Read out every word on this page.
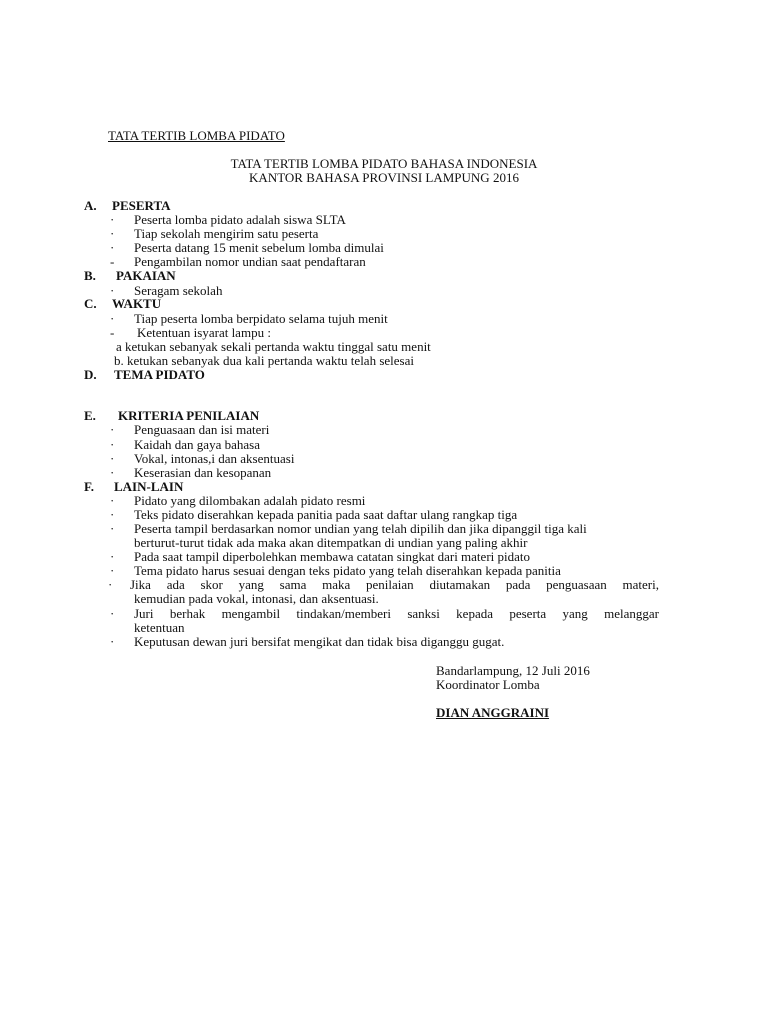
TATA TERTIB LOMBA PIDATO
TATA TERTIB LOMBA PIDATO BAHASA INDONESIA
KANTOR BAHASA PROVINSI LAMPUNG 2016
A. PESERTA
· Peserta lomba pidato adalah siswa SLTA
· Tiap sekolah mengirim satu peserta
· Peserta datang 15 menit sebelum lomba dimulai
- Pengambilan nomor undian saat pendaftaran
B. PAKAIAN
· Seragam sekolah
C. WAKTU
· Tiap peserta lomba berpidato selama tujuh menit
- Ketentuan isyarat lampu :
a ketukan sebanyak sekali pertanda waktu tinggal satu menit
b. ketukan sebanyak dua kali pertanda waktu telah selesai
D. TEMA PIDATO
E. KRITERIA PENILAIAN
· Penguasaan dan isi materi
· Kaidah dan gaya bahasa
· Vokal, intonas,i dan aksentuasi
· Keserasian dan kesopanan
F. LAIN-LAIN
· Pidato yang dilombakan adalah pidato resmi
· Teks pidato diserahkan kepada panitia pada saat daftar ulang rangkap tiga
· Peserta tampil berdasarkan nomor undian yang telah dipilih dan jika dipanggil tiga kali
berturut-turut tidak ada maka akan ditempatkan di undian yang paling akhir
· Pada saat tampil diperbolehkan membawa catatan singkat dari materi pidato
· Tema pidato harus sesuai dengan teks pidato yang telah diserahkan kepada panitia
· Jika ada skor yang sama maka penilaian diutamakan pada penguasaan materi,
kemudian pada vokal, intonasi, dan aksentuasi.
· Juri berhak mengambil tindakan/memberi sanksi kepada peserta yang melanggar
ketentuan
· Keputusan dewan juri bersifat mengikat dan tidak bisa diganggu gugat.
Bandarlampung, 12 Juli 2016
Koordinator Lomba
DIAN ANGGRAINI
